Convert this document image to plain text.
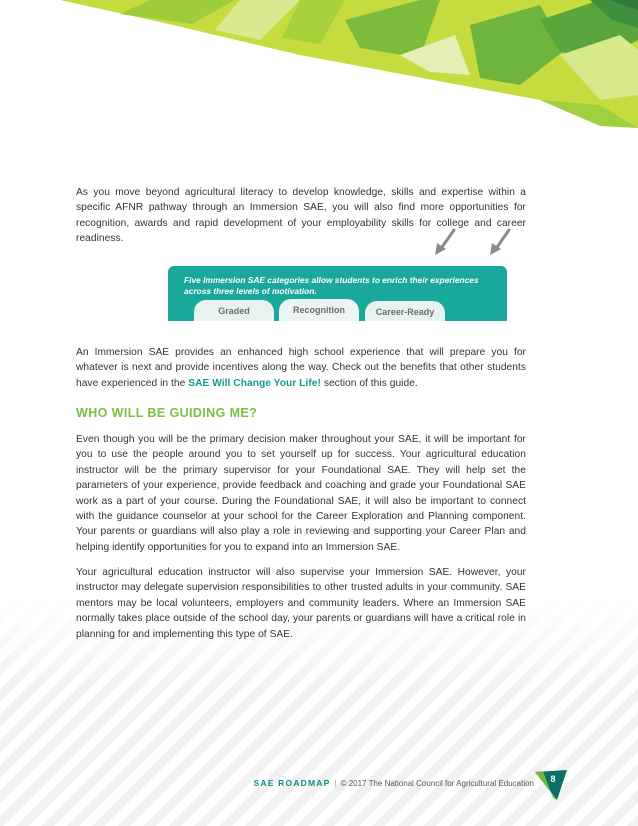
As you move beyond agricultural literacy to develop knowledge, skills and expertise within a specific AFNR pathway through an Immersion SAE, you will also find more opportunities for recognition, awards and rapid development of your employability skills for college and career readiness.

Five Immersion SAE categories allow students to enrich their experiences across three levels of motivation.
Graded	Recognition	Career-Ready

An Immersion SAE provides an enhanced high school experience that will prepare you for whatever is next and provide incentives along the way. Check out the benefits that other students have experienced in the SAE Will Change Your Life! section of this guide.

WHO WILL BE GUIDING ME?

Even though you will be the primary decision maker throughout your SAE, it will be important for you to use the people around you to set yourself up for success. Your agricultural education instructor will be the primary supervisor for your Foundational SAE. They will help set the parameters of your experience, provide feedback and coaching and grade your Foundational SAE work as a part of your course. During the Foundational SAE, it will also be important to connect with the guidance counselor at your school for the Career Exploration and Planning component. Your parents or guardians will also play a role in reviewing and supporting your Career Plan and helping identify opportunities for you to expand into an Immersion SAE.

Your agricultural education instructor will also supervise your Immersion SAE. However, your instructor may delegate supervision responsibilities to other trusted adults in your community. SAE mentors may be local volunteers, employers and community leaders. Where an Immersion SAE normally takes place outside of the school day, your parents or guardians will have a critical role in planning for and implementing this type of SAE.

SAE ROADMAP | © 2017 The National Council for Agricultural Education	8
